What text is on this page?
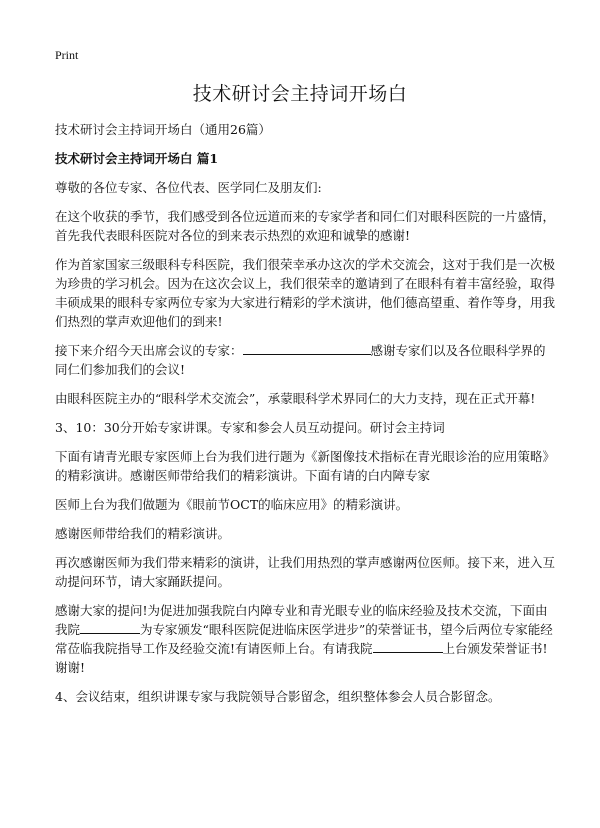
Print
技术研讨会主持词开场白

技术研讨会主持词开场白（通用26篇）

技术研讨会主持词开场白 篇1

尊敬的各位专家、各位代表、医学同仁及朋友们:

在这个收获的季节，我们感受到各位远道而来的专家学者和同仁们对眼科医院的一片盛情，首先我代表眼科医院对各位的到来表示热烈的欢迎和诚挚的感谢!

作为首家国家三级眼科专科医院，我们很荣幸承办这次的学术交流会，这对于我们是一次极为珍贵的学习机会。因为在这次会议上，我们很荣幸的邀请到了在眼科有着丰富经验，取得丰硕成果的眼科专家两位专家为大家进行精彩的学术演讲，他们德高望重、着作等身，用我们热烈的掌声欢迎他们的到来!

接下来介绍今天出席会议的专家：	感谢专家们以及各位眼科学界的同仁们参加我们的会议!

由眼科医院主办的“眼科学术交流会”，承蒙眼科学术界同仁的大力支持，现在正式开幕!

3、10：30分开始专家讲课。专家和参会人员互动提问。研讨会主持词

下面有请青光眼专家医师上台为我们进行题为《新图像技术指标在青光眼诊治的应用策略》的精彩演讲。感谢医师带给我们的精彩演讲。下面有请的白内障专家

医师上台为我们做题为《眼前节OCT的临床应用》的精彩演讲。

感谢医师带给我们的精彩演讲。

再次感谢医师为我们带来精彩的演讲，让我们用热烈的掌声感谢两位医师。接下来，进入互动提问环节，请大家踊跃提问。

感谢大家的提问!为促进加强我院白内障专业和青光眼专业的临床经验及技术交流，下面由我院	为专家颁发“眼科医院促进临床医学进步”的荣誉证书，望今后两位专家能经常莅临我院指导工作及经验交流!有请医师上台。有请我院	上台颁发荣誉证书!谢谢!

4、会议结束，组织讲课专家与我院领导合影留念，组织整体参会人员合影留念。
